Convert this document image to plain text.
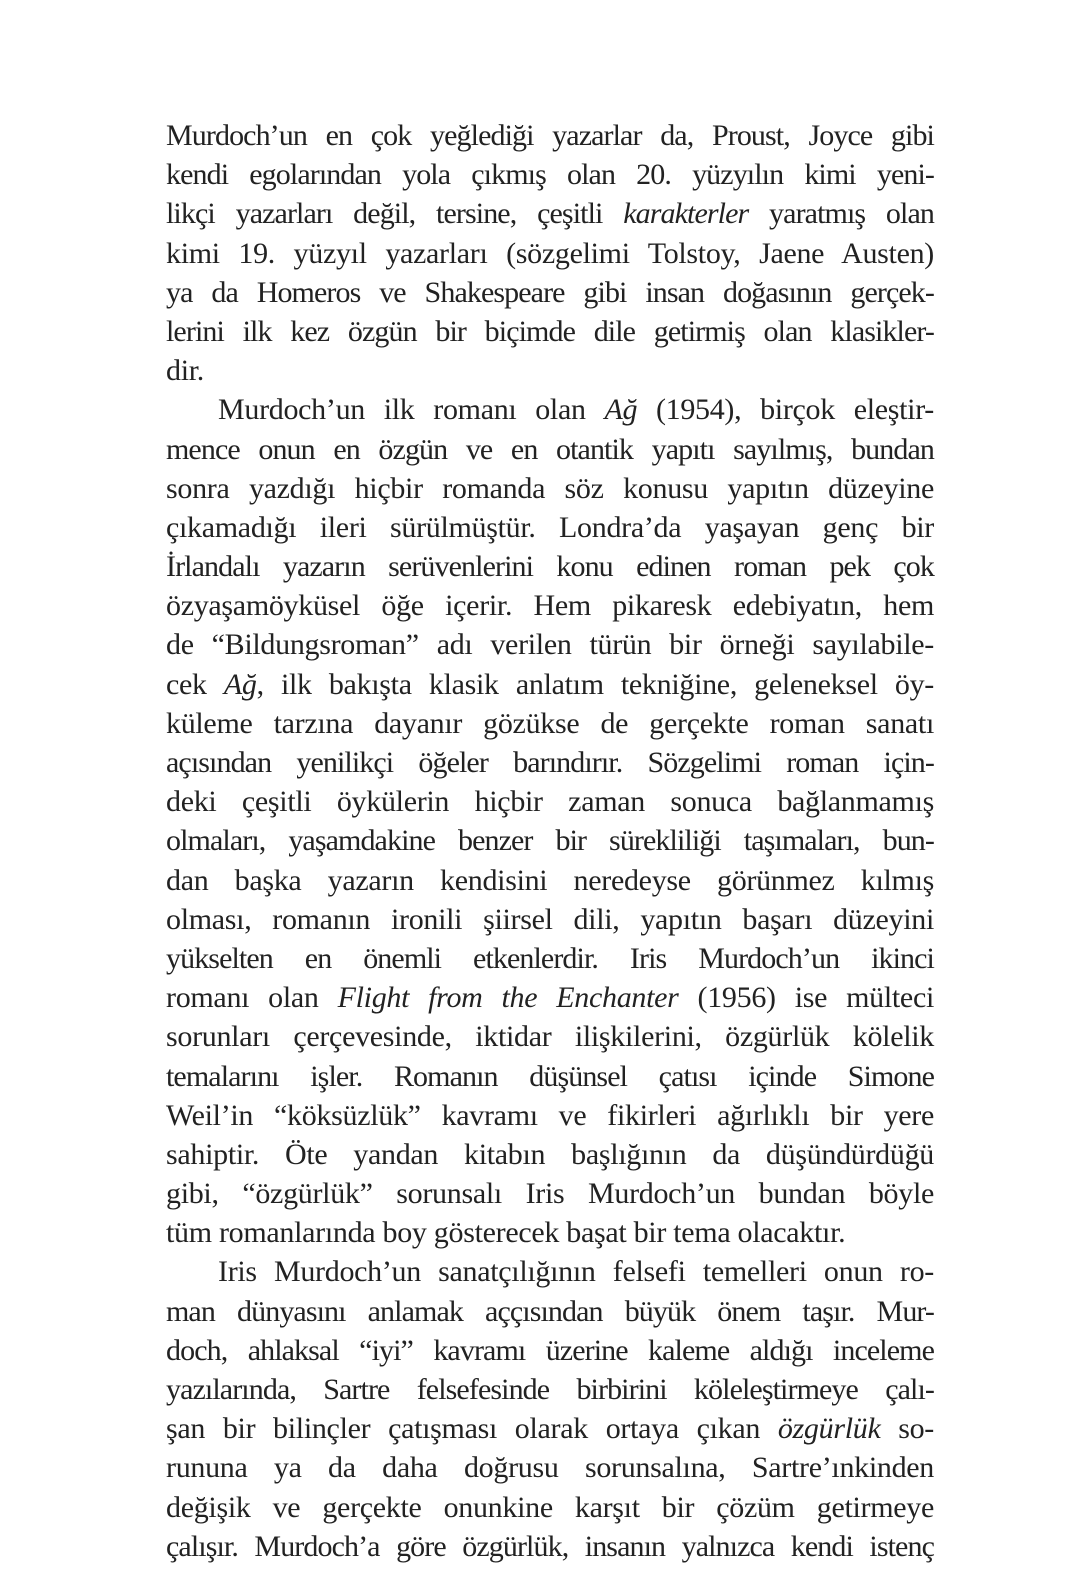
Murdoch’un en çok yeğlediği yazarlar da, Proust, Joyce gibi
kendi egolarından yola çıkmış olan 20. yüzyılın kimi yeni-
likçi yazarları değil, tersine, çeşitli karakterler yaratmış olan
kimi 19. yüzyıl yazarları (sözgelimi Tolstoy, Jaene Austen)
ya da Homeros ve Shakespeare gibi insan doğasının gerçek-
lerini ilk kez özgün bir biçimde dile getirmiş olan klasikler-
dir.
Murdoch’un ilk romanı olan Ağ (1954), birçok eleştir-
mence onun en özgün ve en otantik yapıtı sayılmış, bundan
sonra yazdığı hiçbir romanda söz konusu yapıtın düzeyine
çıkamadığı ileri sürülmüştür. Londra’da yaşayan genç bir
İrlandalı yazarın serüvenlerini konu edinen roman pek çok
özyaşamöyküsel öğe içerir. Hem pikaresk edebiyatın, hem
de “Bildungsroman” adı verilen türün bir örneği sayılabile-
cek Ağ, ilk bakışta klasik anlatım tekniğine, geleneksel öy-
küleme tarzına dayanır gözükse de gerçekte roman sanatı
açısından yenilikçi öğeler barındırır. Sözgelimi roman için-
deki çeşitli öykülerin hiçbir zaman sonuca bağlanmamış
olmaları, yaşamdakine benzer bir sürekliliği taşımaları, bun-
dan başka yazarın kendisini neredeyse görünmez kılmış
olması, romanın ironili şiirsel dili, yapıtın başarı düzeyini
yükselten en önemli etkenlerdir. Iris Murdoch’un ikinci
romanı olan Flight from the Enchanter (1956) ise mülteci
sorunları çerçevesinde, iktidar ilişkilerini, özgürlük kölelik
temalarını işler. Romanın düşünsel çatısı içinde Simone
Weil’in “köksüzlük” kavramı ve fikirleri ağırlıklı bir yere
sahiptir. Öte yandan kitabın başlığının da düşündürdüğü
gibi, “özgürlük” sorunsalı Iris Murdoch’un bundan böyle
tüm romanlarında boy gösterecek başat bir tema olacaktır.
Iris Murdoch’un sanatçılığının felsefi temelleri onun ro-
man dünyasını anlamak aççısından büyük önem taşır. Mur-
doch, ahlaksal “iyi” kavramı üzerine kaleme aldığı inceleme
yazılarında, Sartre felsefesinde birbirini köleleştirmeye çalı-
şan bir bilinçler çatışması olarak ortaya çıkan özgürlük so-
rununa ya da daha doğrusu sorunsalına, Sartre’ınkinden
değişik ve gerçekte onunkine karşıt bir çözüm getirmeye
çalışır. Murdoch’a göre özgürlük, insanın yalnızca kendi istenç
